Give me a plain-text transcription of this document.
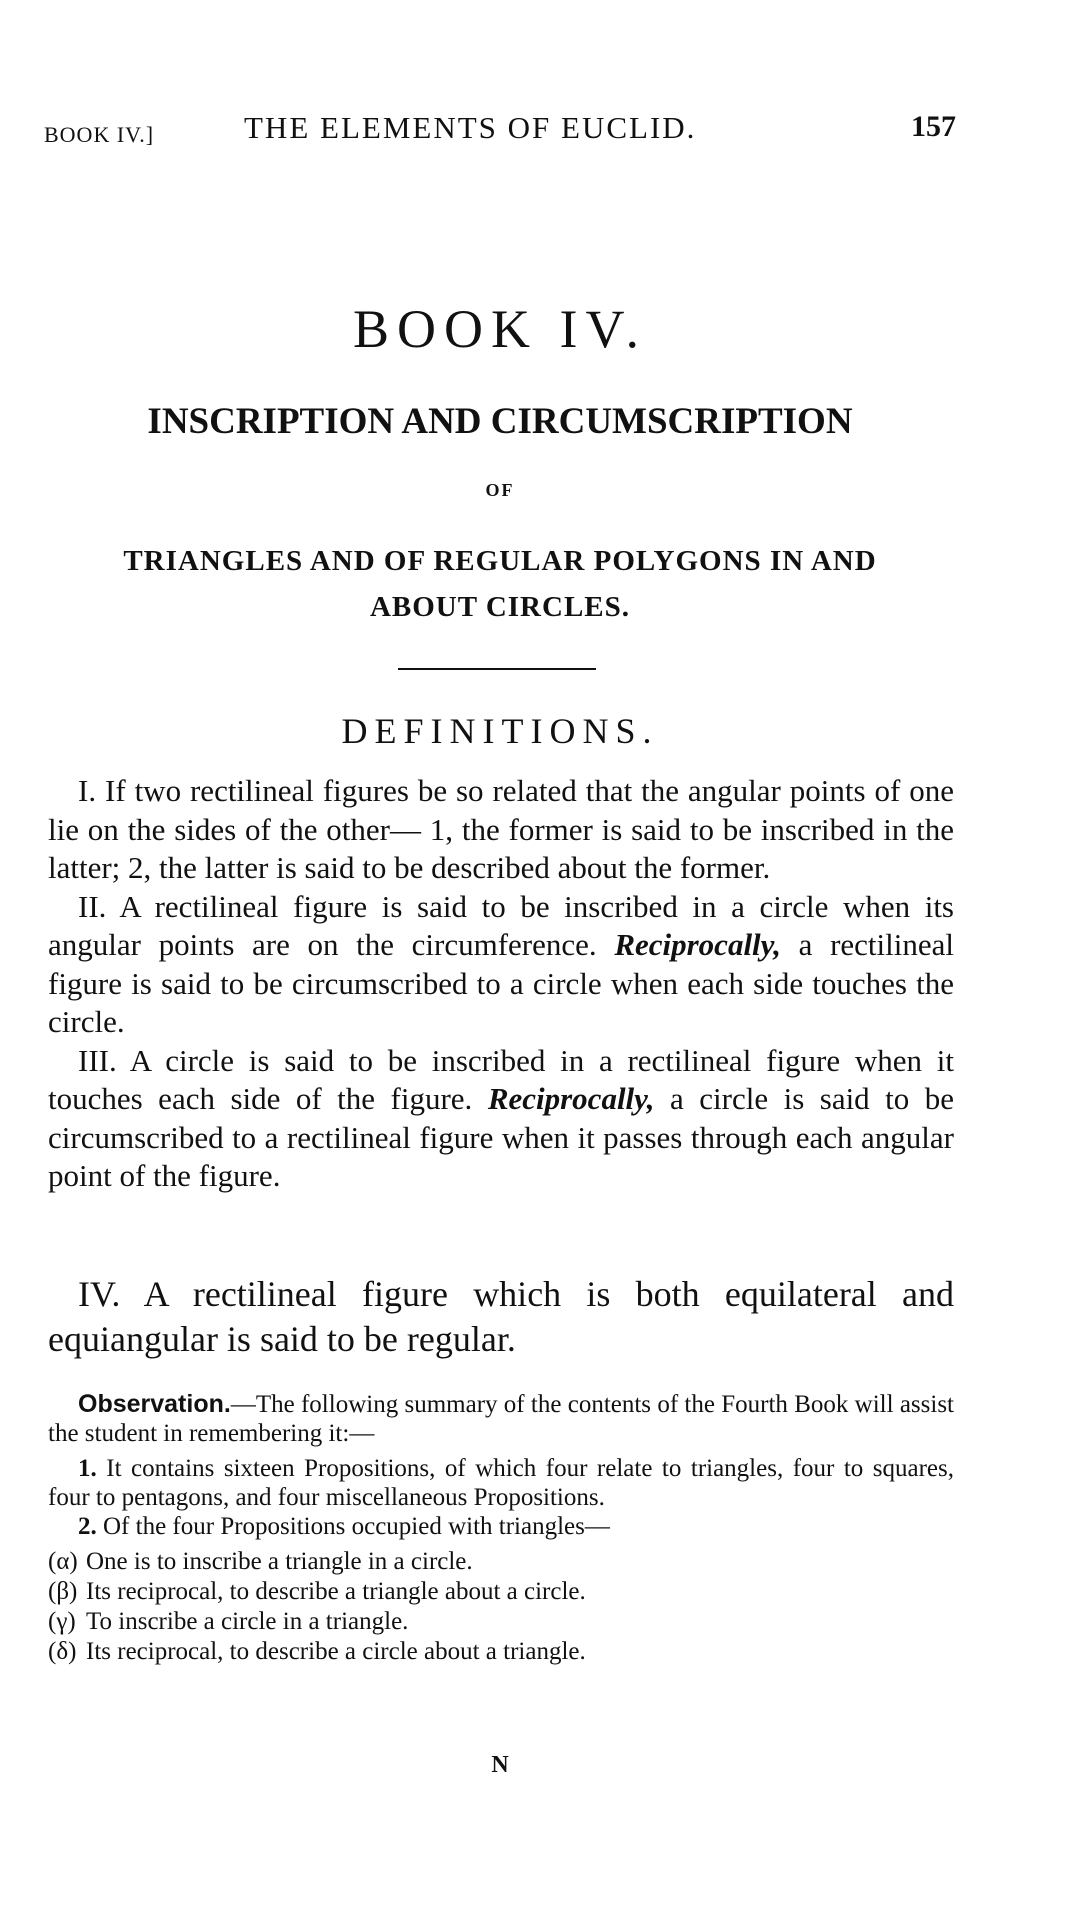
BOOK IV.]	THE ELEMENTS OF EUCLID.	157
BOOK IV.
INSCRIPTION AND CIRCUMSCRIPTION
OF
TRIANGLES AND OF REGULAR POLYGONS IN AND
ABOUT CIRCLES.
DEFINITIONS.

I. If two rectilineal figures be so related that the angular points of one lie on the sides of the other— 1, the former is said to be inscribed in the latter; 2, the latter is said to be described about the former.

II. A rectilineal figure is said to be inscribed in a circle when its angular points are on the circumference. Reciprocally, a rectilineal figure is said to be circumscribed to a circle when each side touches the circle.

III. A circle is said to be inscribed in a rectilineal figure when it touches each side of the figure. Reciprocally, a circle is said to be circumscribed to a rectilineal figure when it passes through each angular point of the figure.

IV. A rectilineal figure which is both equilateral and equiangular is said to be regular.

Observation.—The following summary of the contents of the Fourth Book will assist the student in remembering it:—

1. It contains sixteen Propositions, of which four relate to triangles, four to squares, four to pentagons, and four miscellaneous Propositions.

2. Of the four Propositions occupied with triangles—

(α) One is to inscribe a triangle in a circle.
(β) Its reciprocal, to describe a triangle about a circle.
(γ) To inscribe a circle in a triangle.
(δ) Its reciprocal, to describe a circle about a triangle.
N
